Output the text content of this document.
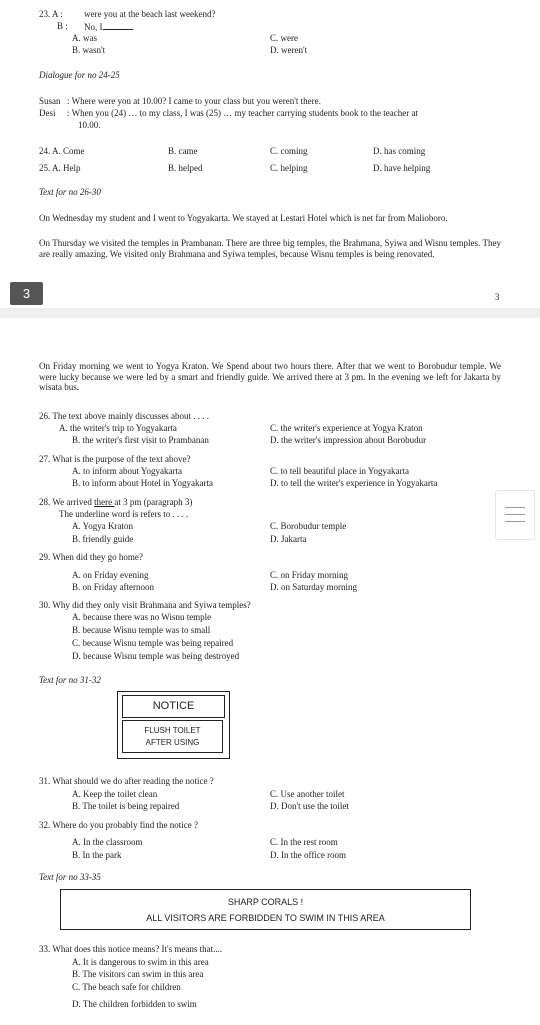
23. A : were you at the beach last weekend?
B : No, I
A. was	C. were
B. wasn't	D. weren't
Dialogue for no 24-25
Susan : Where were you at 10.00? I came to your class but you weren't there.
Desi : When you (24) … to my class, I was (25) … my teacher carrying students book to the teacher at
10.00.
24. A. Come	B. came	C. coming	D. has coming
25. A. Help	B. helped	C. helping	D. have helping
Text for no 26-30
On Wednesday my student and I went to Yogyakarta. We stayed at Lestari Hotel which is net far from Malioboro.
On Thursday we visited the temples in Prambanan. There are three big temples, the Brahmana, Syiwa and Wisnu temples. They are really amazing. We visited only Brahmana and Syiwa temples, because Wisnu temples is being renovated.
3	3
On Friday morning we went to Yogya Kraton. We Spend about two hours there. After that we went to Borobudur temple. We were lucky because we were led by a smart and friendly guide. We arrived there at 3 pm. In the evening we left for Jakarta by wisata bus.
26. The text above mainly discusses about . . . .
A. the writer's trip to Yogyakarta	C. the writer's experience at Yogya Kraton
B. the writer's first visit to Prambanan	D. the writer's impression about Borobudur
27. What is the purpose of the text above?
A. to inform about Yogyakarta	C. to tell beautiful place in Yogyakarta
B. to inform about Hotel in Yogyakarta	D. to tell the writer's experience in Yogyakarta
28. We arrived there at 3 pm (paragraph 3)
The underline word is refers to . . . .
A. Yogya Kraton	C. Borobudur temple
B. friendly guide	D. Jakarta
29. When did they go home?
A. on Friday evening	C. on Friday morning
B. on Friday afternoon	D. on Saturday morning
30. Why did they only visit Brahmana and Syiwa temples?
A. because there was no Wisnu temple
B. because Wisnu temple was to small
C. because Wisnu temple was being repaired
D. because Wisnu temple was being destroyed
Text for no 31-32
NOTICE
FLUSH TOILET
AFTER USING
31. What should we do after reading the notice ?
A. Keep the toilet clean	C. Use another toilet
B. The toilet is being repaired	D. Don't use the toilet
32. Where do you probably find the notice ?
A. In the classroom	C. In the rest room
B. In the park	D. In the office room
Text for no 33-35
SHARP CORALS !
ALL VISITORS ARE FORBIDDEN TO SWIM IN THIS AREA
33. What does this notice means? It's means that....
A. It is dangerous to swim in this area
B. The visitors can swim in this area
C. The beach safe for children
D. The children forbidden to swim
